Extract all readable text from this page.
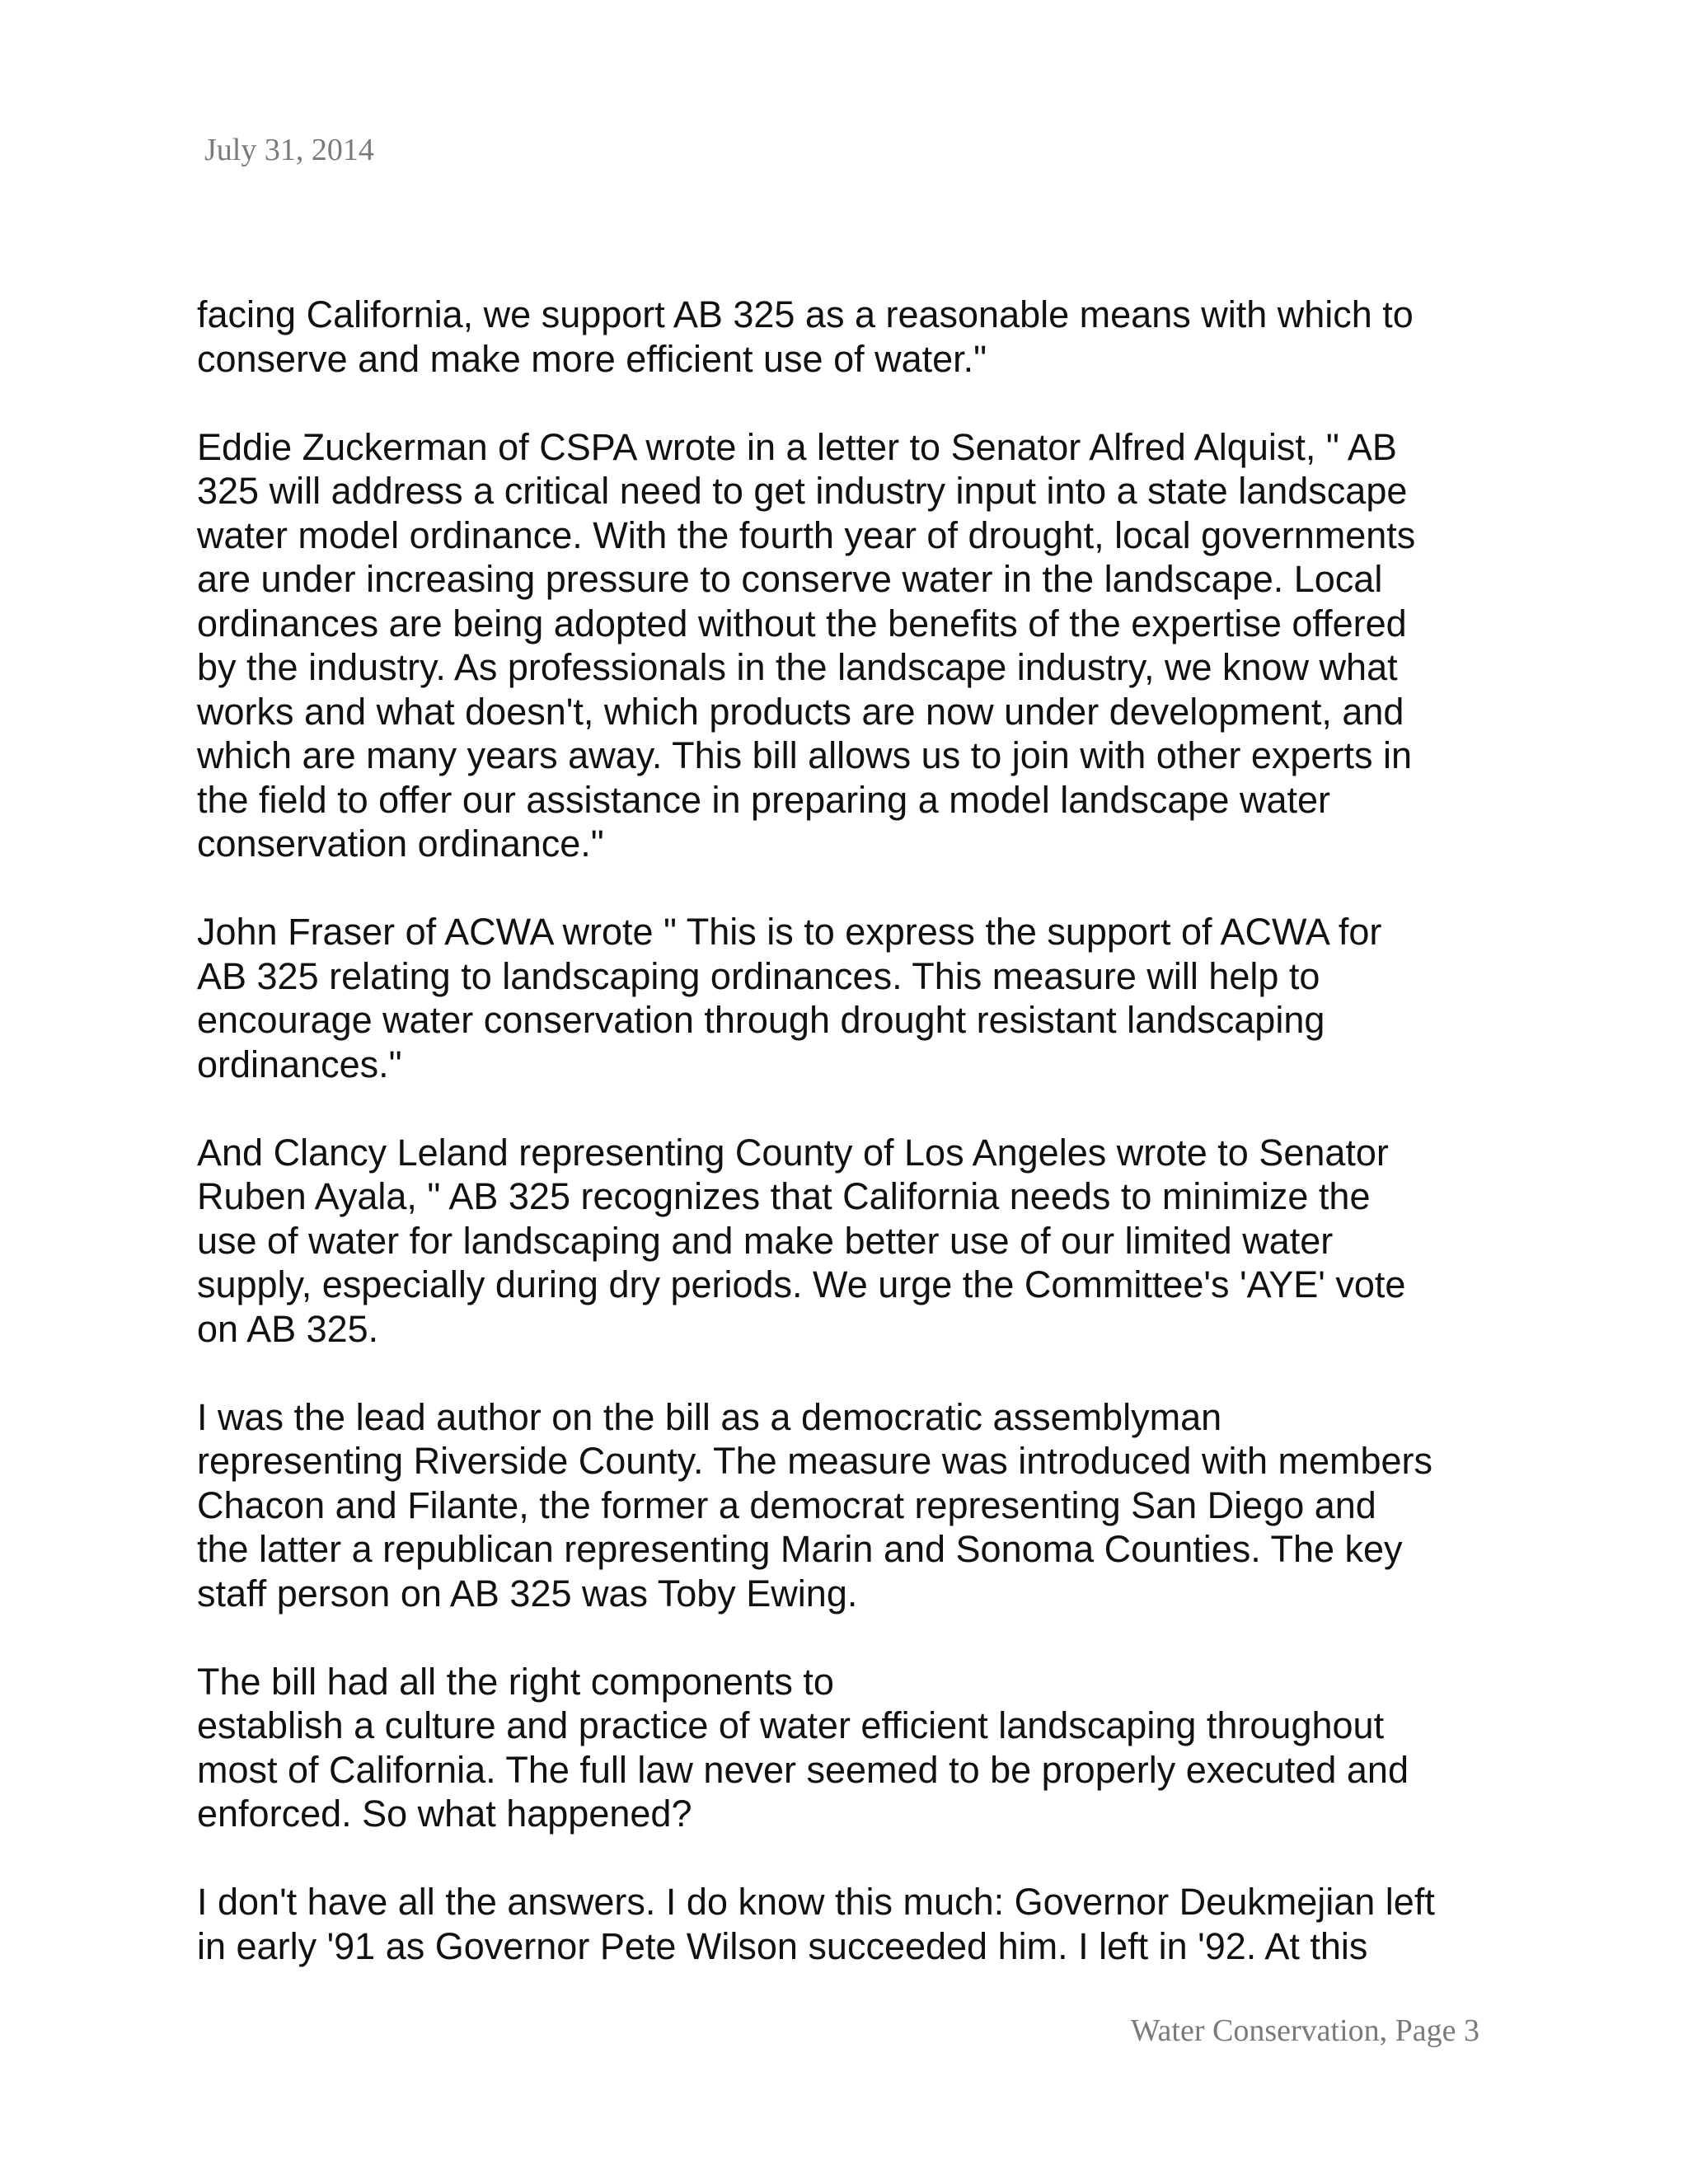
July 31, 2014

facing California, we support AB 325 as a reasonable means with which to
conserve and make more efficient use of water."

Eddie Zuckerman of CSPA wrote in a letter to Senator Alfred Alquist, " AB
325 will address a critical need to get industry input into a state landscape
water model ordinance. With the fourth year of drought, local governments
are under increasing pressure to conserve water in the landscape. Local
ordinances are being adopted without the benefits of the expertise offered
by the industry. As professionals in the landscape industry, we know what
works and what doesn't, which products are now under development, and
which are many years away. This bill allows us to join with other experts in
the field to offer our assistance in preparing a model landscape water
conservation ordinance."

John Fraser of ACWA wrote " This is to express the support of ACWA for
AB 325 relating to landscaping ordinances. This measure will help to
encourage water conservation through drought resistant landscaping
ordinances."

And Clancy Leland representing County of Los Angeles wrote to Senator
Ruben Ayala, " AB 325 recognizes that California needs to minimize the
use of water for landscaping and make better use of our limited water
supply, especially during dry periods. We urge the Committee's 'AYE' vote
on AB 325.

I was the lead author on the bill as a democratic assemblyman
representing Riverside County. The measure was introduced with members
Chacon and Filante, the former a democrat representing San Diego and
the latter a republican representing Marin and Sonoma Counties. The key
staff person on AB 325 was Toby Ewing.

The bill had all the right components to
establish a culture and practice of water efficient landscaping throughout
most of California. The full law never seemed to be properly executed and
enforced. So what happened?

I don't have all the answers. I do know this much: Governor Deukmejian left
in early '91 as Governor Pete Wilson succeeded him. I left in '92. At this

Water Conservation, Page 3
